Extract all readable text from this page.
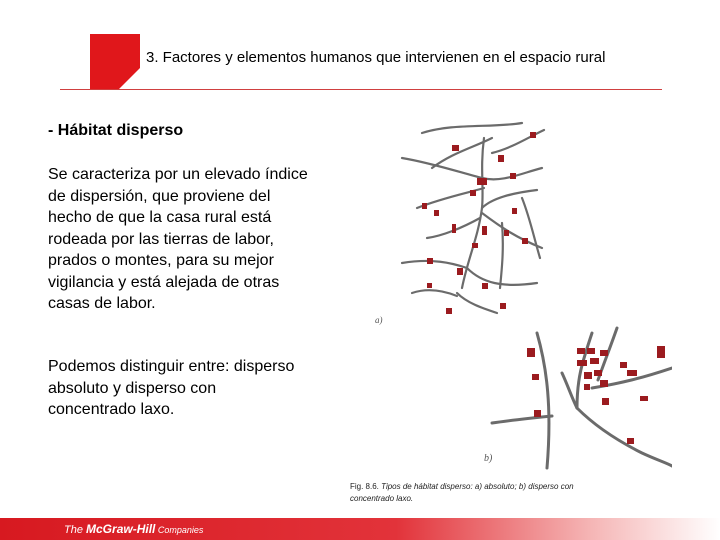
3. Factores y elementos humanos que intervienen en el espacio rural
- Hábitat disperso
Se caracteriza por un elevado índice de dispersión, que proviene del hecho de que la casa rural está rodeada por las tierras de labor, prados o montes, para su mejor vigilancia y está alejada de otras casas de labor.
Podemos distinguir entre: disperso absoluto y disperso con concentrado laxo.
a)
b)
Fig. 8.6. Tipos de hábitat disperso: a) absoluto; b) disperso con concentrado laxo.
The McGraw-Hill Companies
